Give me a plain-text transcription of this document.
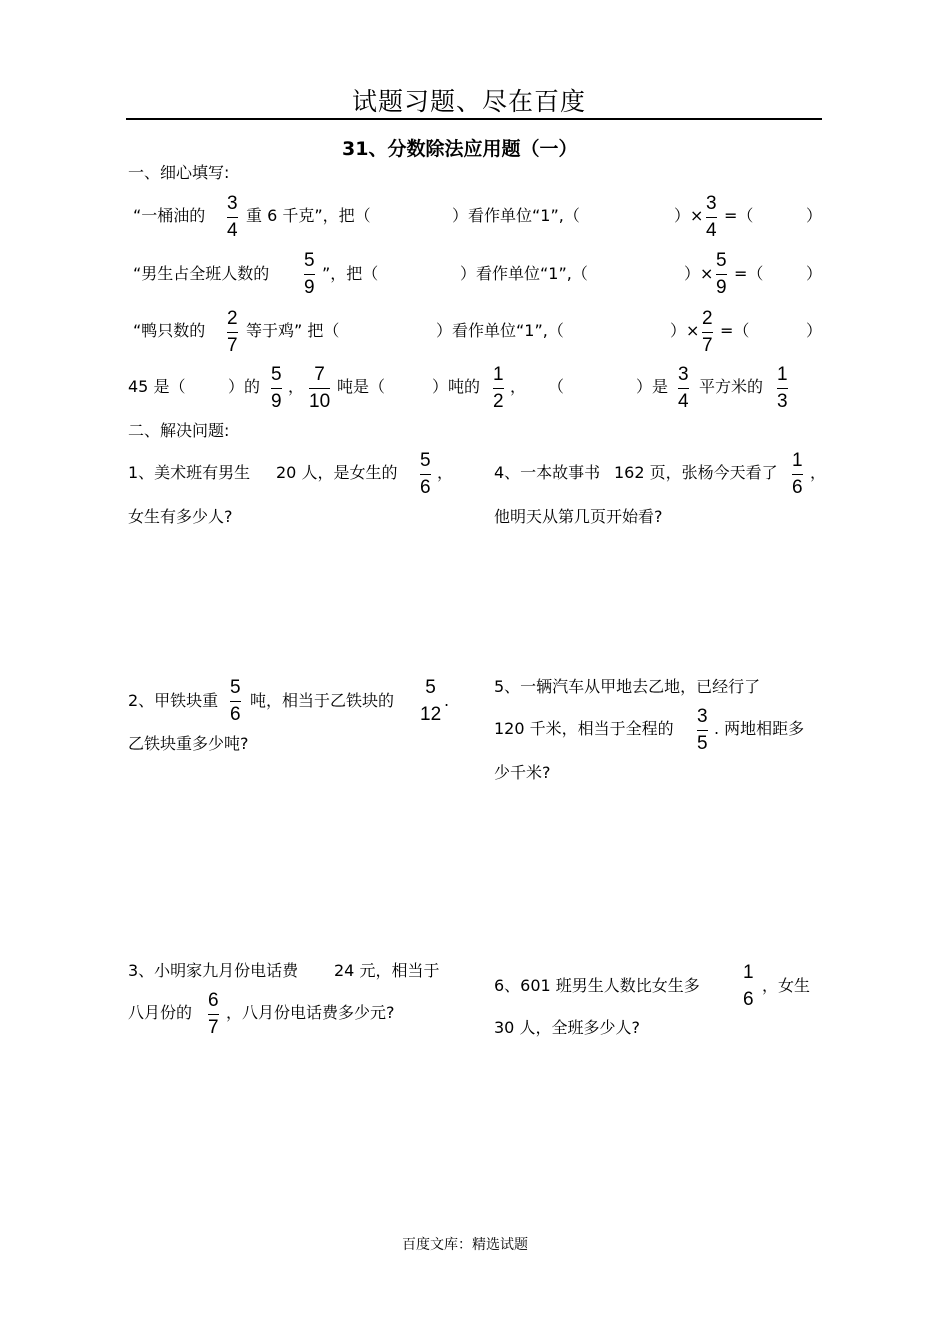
试题习题、尽在百度
31、分数除法应用题（一）
一、细心填写:
“一桶油的
3
4
重 6 千克”，把（	）看作单位“1”,（	）×
3
4
=（	）
“男生占全班人数的
5
9
”，把（	）看作单位“1”,（	）×
5
9
=（	）
“鸭只数的
2
7
等于鸡” 把（	）看作单位“1”,（	）×
2
7
=（	）
45 是（	）的
5
9
，
7
10
吨是（	）吨的
1
2
， （	）是
3
4
平方米的
1
3
二、解决问题:
1、美术班有男生 20 人，是女生的
5
6
，
女生有多少人?
4、一本故事书 162 页，张杨今天看了
1
6
，
他明天从第几页开始看?
2、甲铁块重
5
6
吨，相当于乙铁块的
5
12
.
乙铁块重多少吨?
5、一辆汽车从甲地去乙地，已经行了
120 千米，相当于全程的
3
5
. 两地相距多
少千米?
3、小明家九月份电话费 24 元，相当于
八月份的
6
7
，八月份电话费多少元?
6、601 班男生人数比女生多
1
6
，女生
30 人，全班多少人?
百度文库：精选试题
